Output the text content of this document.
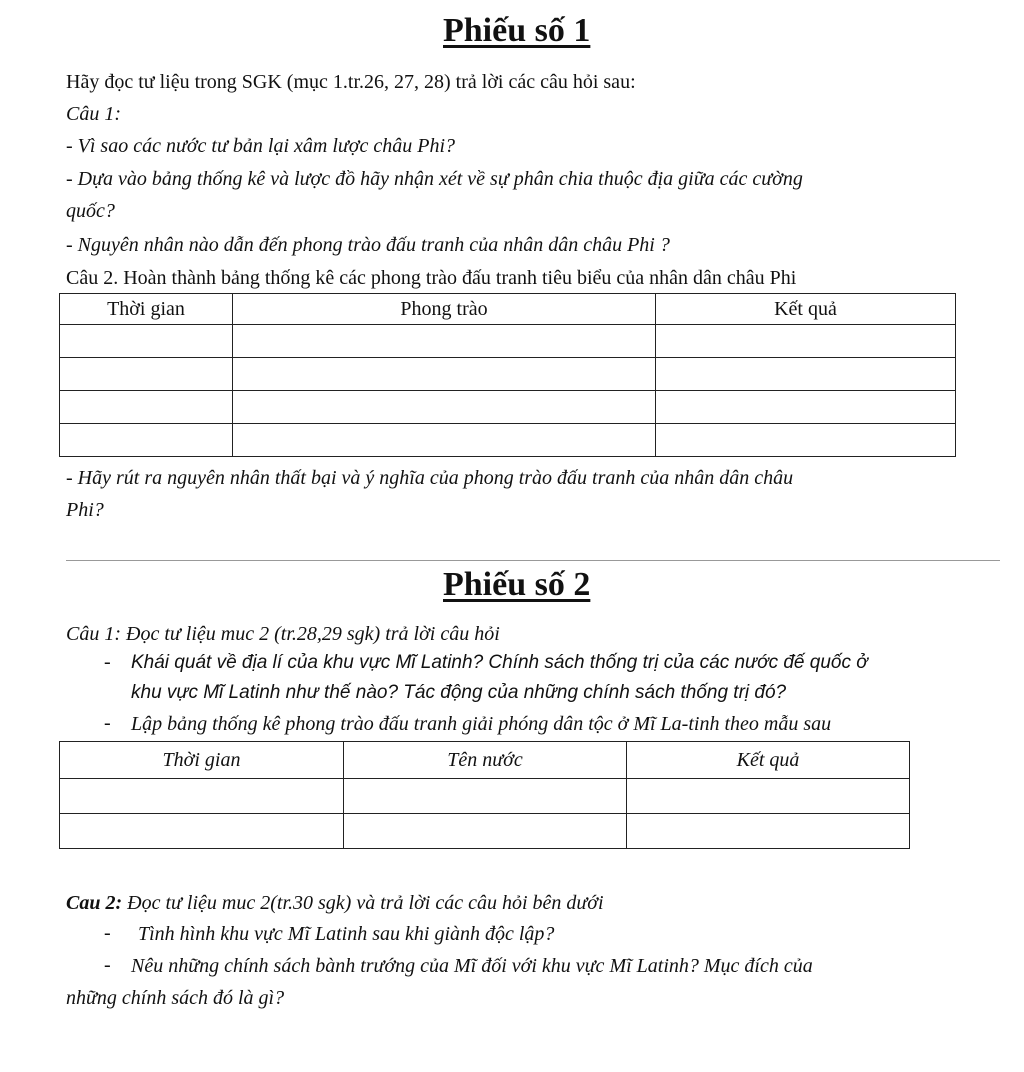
Phiếu số 1
Hãy đọc tư liệu trong SGK (mục 1.tr.26, 27, 28) trả lời các câu hỏi sau:
Câu 1:
- Vì sao các nước tư bản lại xâm lược châu Phi?
- Dựa vào bảng thống kê và lược đồ hãy nhận xét về sự phân chia thuộc địa giữa các cường
quốc?
- Nguyên nhân nào dẫn đến phong trào đấu tranh của nhân dân châu Phi ?
Câu 2. Hoàn thành bảng thống kê các phong trào đấu tranh tiêu biểu của nhân dân châu Phi
Thời gian	Phong trào	Kết quả

- Hãy rút ra nguyên nhân thất bại và ý nghĩa của phong trào đấu tranh của nhân dân châu
Phi?
Phiếu số 2
Câu 1: Đọc tư liệu muc 2 (tr.28,29 sgk) trả lời câu hỏi
- Khái quát về địa lí của khu vực Mĩ Latinh? Chính sách thống trị của các nước đế quốc ở
khu vực Mĩ Latinh như thế nào? Tác động của những chính sách thống trị đó?
- Lập bảng thống kê phong trào đấu tranh giải phóng dân tộc ở Mĩ La-tinh theo mẫu sau
Thời gian	Tên nước	Kết quả

Cau 2: Đọc tư liệu muc 2(tr.30 sgk) và trả lời các câu hỏi bên dưới
- Tình hình khu vực Mĩ Latinh sau khi giành độc lập?
- Nêu những chính sách bành trướng của Mĩ đối với khu vực Mĩ Latinh? Mục đích của
những chính sách đó là gì?
